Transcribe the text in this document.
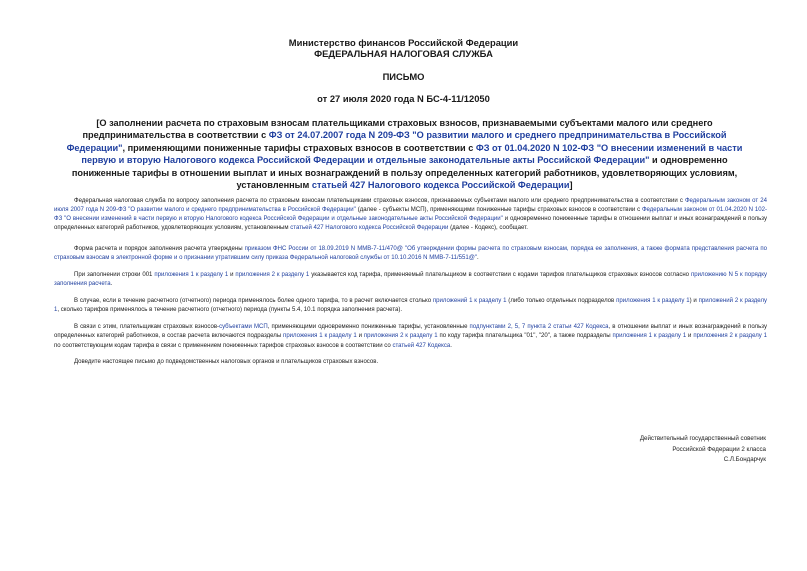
Министерство финансов Российской Федерации
ФЕДЕРАЛЬНАЯ НАЛОГОВАЯ СЛУЖБА
ПИСЬМО
от 27 июля 2020 года N БС-4-11/12050
[О заполнении расчета по страховым взносам плательщиками страховых взносов, признаваемыми субъектами малого или среднего предпринимательства в соответствии с ФЗ от 24.07.2007 года N 209-ФЗ "О развитии малого и среднего предпринимательства в Российской Федерации", применяющими пониженные тарифы страховых взносов в соответствии с ФЗ от 01.04.2020 N 102-ФЗ "О внесении изменений в части первую и вторую Налогового кодекса Российской Федерации и отдельные законодательные акты Российской Федерации" и одновременно пониженные тарифы в отношении выплат и иных вознаграждений в пользу определенных категорий работников, удовлетворяющих условиям, установленным статьей 427 Налогового кодекса Российской Федерации]

Федеральная налоговая служба по вопросу заполнения расчета по страховым взносам плательщиками страховых взносов, признаваемых субъектами малого или среднего предпринимательства в соответствии с Федеральным законом от 24 июля 2007 года N 209-ФЗ "О развитии малого и среднего предпринимательства в Российской Федерации" (далее - субъекты МСП), применяющими пониженные тарифы страховых взносов в соответствии с Федеральным законом от 01.04.2020 N 102-ФЗ "О внесении изменений в части первую и вторую Налогового кодекса Российской Федерации и отдельные законодательные акты Российской Федерации" и одновременно пониженные тарифы в отношении выплат и иных вознаграждений в пользу определенных категорий работников, удовлетворяющих условиям, установленным статьей 427 Налогового кодекса Российской Федерации (далее - Кодекс), сообщает.

Форма расчета и порядок заполнения расчета утверждены приказом ФНС России от 18.09.2019 N ММВ-7-11/470@ "Об утверждении формы расчета по страховым взносам, порядка ее заполнения, а также формата представления расчета по страховым взносам в электронной форме и о признании утратившим силу приказа Федеральной налоговой службы от 10.10.2016 N ММВ-7-11/551@".

При заполнении строки 001 приложения 1 к разделу 1 и приложения 2 к разделу 1 указывается код тарифа, применяемый плательщиком в соответствии с кодами тарифов плательщиков страховых взносов согласно приложению N 5 к порядку заполнения расчета.

В случае, если в течение расчетного (отчетного) периода применялось более одного тарифа, то в расчет включается столько приложений 1 к разделу 1 (либо только отдельных подразделов приложения 1 к разделу 1) и приложений 2 к разделу 1, сколько тарифов применялось в течение расчетного (отчетного) периода (пункты 5.4, 10.1 порядка заполнения расчета).

В связи с этим, плательщикам страховых взносов-субъектами МСП, применяющими одновременно пониженные тарифы, установленные подпунктами 2, 5, 7 пункта 2 статьи 427 Кодекса, в отношении выплат и иных вознаграждений в пользу определенных категорий работников, в состав расчета включаются подразделы приложения 1 к разделу 1 и приложения 2 к разделу 1 по коду тарифа плательщика "01", "20", а также подразделы приложения 1 к разделу 1 и приложения 2 к разделу 1 по соответствующим кодам тарифа в связи с применением пониженных тарифов страховых взносов в соответствии со статьей 427 Кодекса.

Доведите настоящее письмо до подведомственных налоговых органов и плательщиков страховых взносов.

Действительный государственный советник
Российской Федерации 2 класса
С.Л.Бондарчук
